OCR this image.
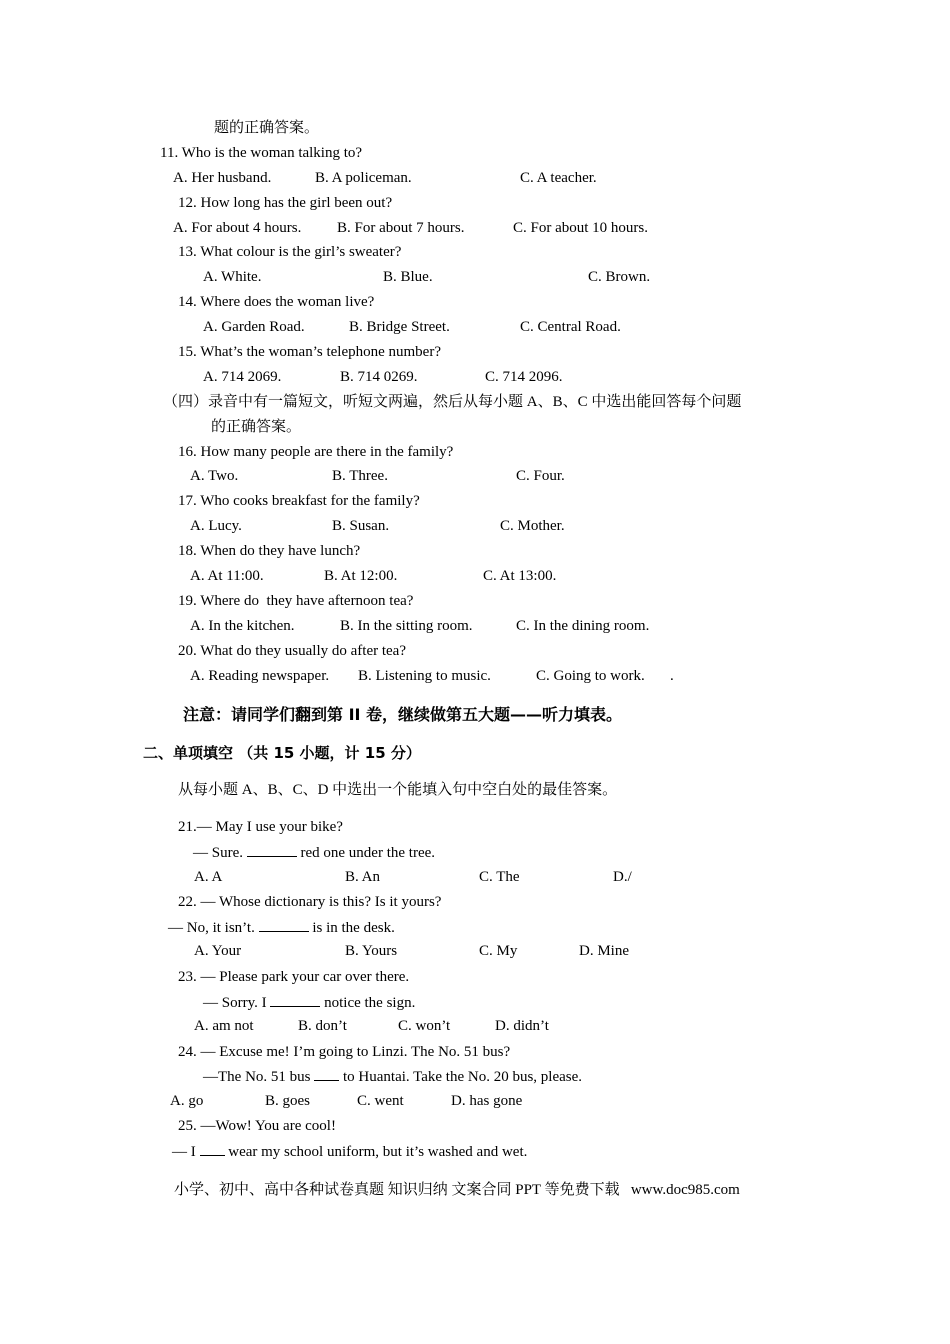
题的正确答案。
11. Who is the woman talking to?
A. Her husband.	B. A policeman.	C. A teacher.
12. How long has the girl been out?
A. For about 4 hours. B. For about 7 hours.	C. For about 10 hours.
13. What colour is the girl’s sweater?
A. White.	B. Blue.	C. Brown.
14. Where does the woman live?
A. Garden Road.	B. Bridge Street.	C. Central Road.
15. What’s the woman’s telephone number?
A. 714 2069.	B. 714 0269.	C. 714 2096.
（四）录音中有一篇短文，听短文两遍，然后从每小题 A、B、C 中选出能回答每个问题
的正确答案。
16. How many people are there in the family?
A. Two.	B. Three.	C. Four.
17. Who cooks breakfast for the family?
A. Lucy.	B. Susan.	C. Mother.
18. When do they have lunch?
A. At 11:00.	B. At 12:00.	C. At 13:00.
19. Where do  they have afternoon tea?
A. In the kitchen.	B. In the sitting room.	C. In the dining room.
20. What do they usually do after tea?
A. Reading newspaper. B. Listening to music.	C. Going to work. .
注意：请同学们翻到第 II 卷，继续做第五大题——听力填表。
二、单项填空 （共 15 小题，计 15 分）
从每小题 A、B、C、D 中选出一个能填入句中空白处的最佳答案。
21.— May I use your bike?
— Sure.	red one under the tree.
A. A	B. An	C. The	D./
22. — Whose dictionary is this? Is it yours?
— No, it isn’t.	is in the desk.
A. Your	B. Yours	C. My	D. Mine
23. — Please park your car over there.
— Sorry. I	notice the sign.
A. am not	B. don’t	C. won’t	D. didn’t
24. — Excuse me! I’m going to Linzi. The No. 51 bus?
—The No. 51 bus  to Huantai. Take the No. 20 bus, please.
A. go	B. goes	C. went	D. has gone
25. —Wow! You are cool!
— I  wear my school uniform, but it’s washed and wet.
小学、初中、高中各种试卷真题 知识归纳 文案合同 PPT 等免费下载   www.doc985.com
